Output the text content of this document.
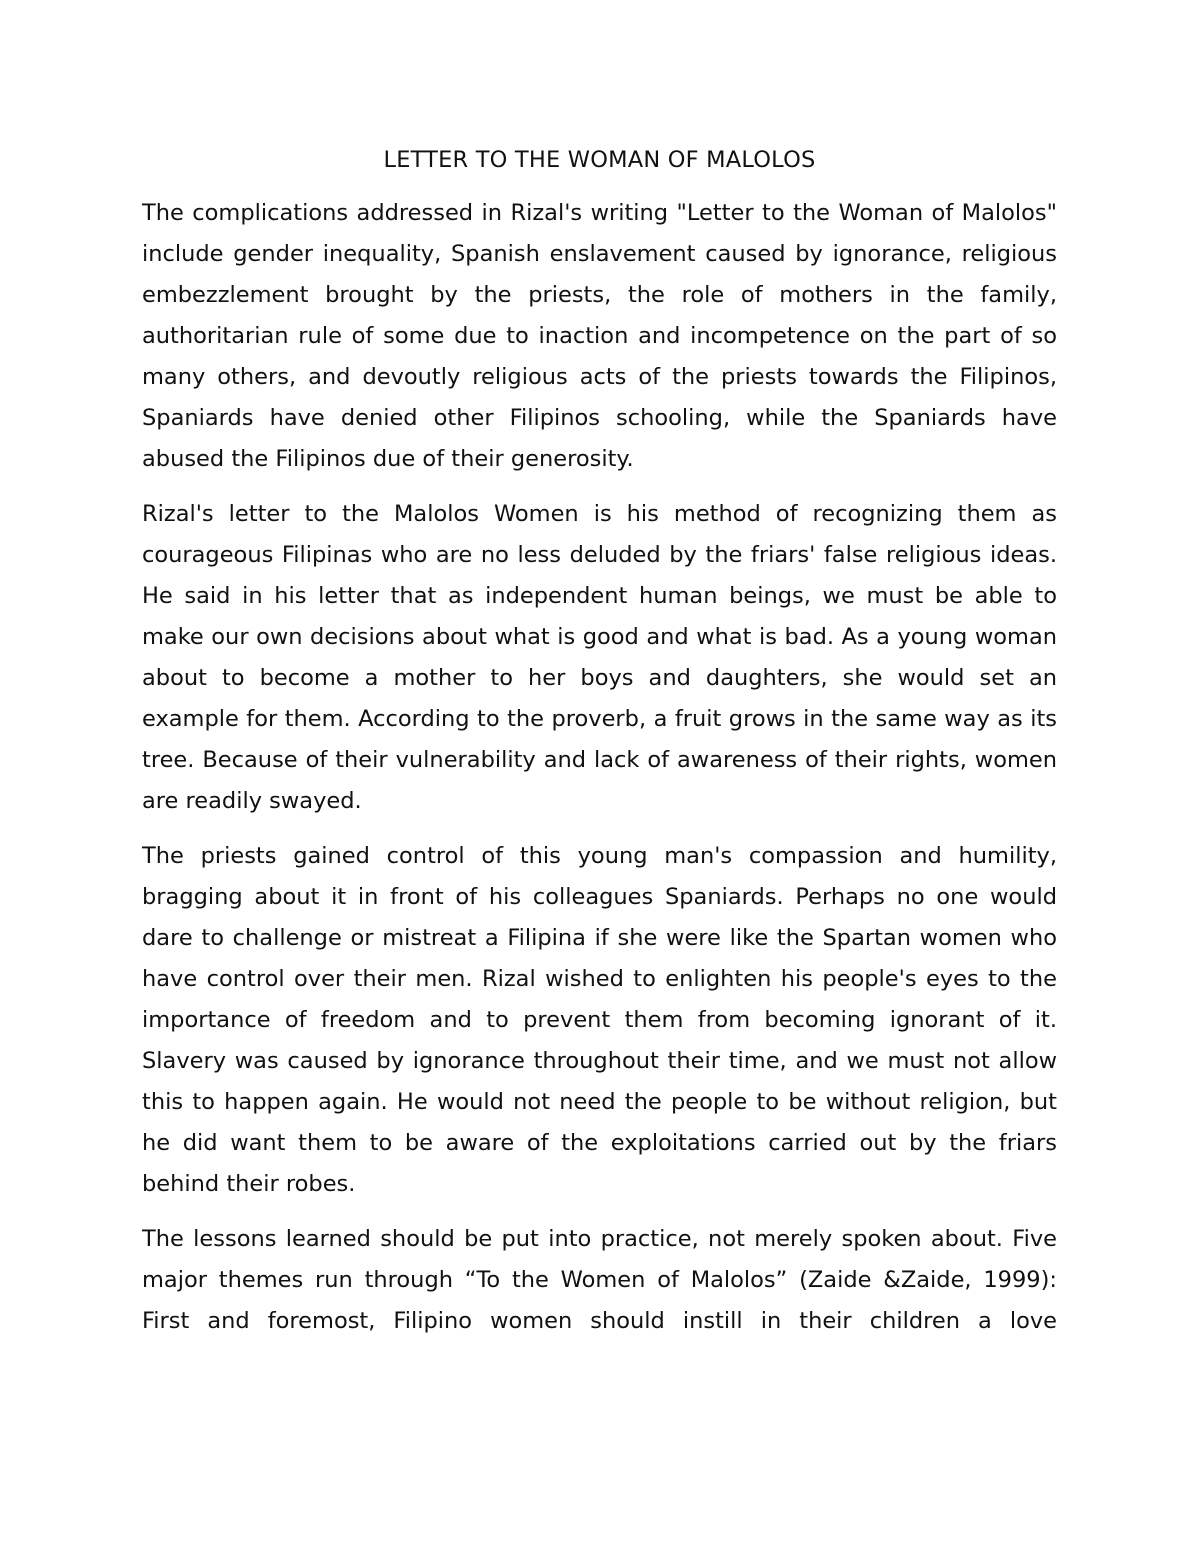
LETTER TO THE WOMAN OF MALOLOS

The complications addressed in Rizal's writing "Letter to the Woman of Malolos" include gender inequality, Spanish enslavement caused by ignorance, religious embezzlement brought by the priests, the role of mothers in the family, authoritarian rule of some due to inaction and incompetence on the part of so many others, and devoutly religious acts of the priests towards the Filipinos, Spaniards have denied other Filipinos schooling, while the Spaniards have abused the Filipinos due of their generosity.

Rizal's letter to the Malolos Women is his method of recognizing them as courageous Filipinas who are no less deluded by the friars' false religious ideas. He said in his letter that as independent human beings, we must be able to make our own decisions about what is good and what is bad. As a young woman about to become a mother to her boys and daughters, she would set an example for them. According to the proverb, a fruit grows in the same way as its tree. Because of their vulnerability and lack of awareness of their rights, women are readily swayed.

The priests gained control of this young man's compassion and humility, bragging about it in front of his colleagues Spaniards. Perhaps no one would dare to challenge or mistreat a Filipina if she were like the Spartan women who have control over their men. Rizal wished to enlighten his people's eyes to the importance of freedom and to prevent them from becoming ignorant of it. Slavery was caused by ignorance throughout their time, and we must not allow this to happen again. He would not need the people to be without religion, but he did want them to be aware of the exploitations carried out by the friars behind their robes.

The lessons learned should be put into practice, not merely spoken about. Five major themes run through “To the Women of Malolos” (Zaide &Zaide, 1999): First and foremost, Filipino women should instill in their children a love
